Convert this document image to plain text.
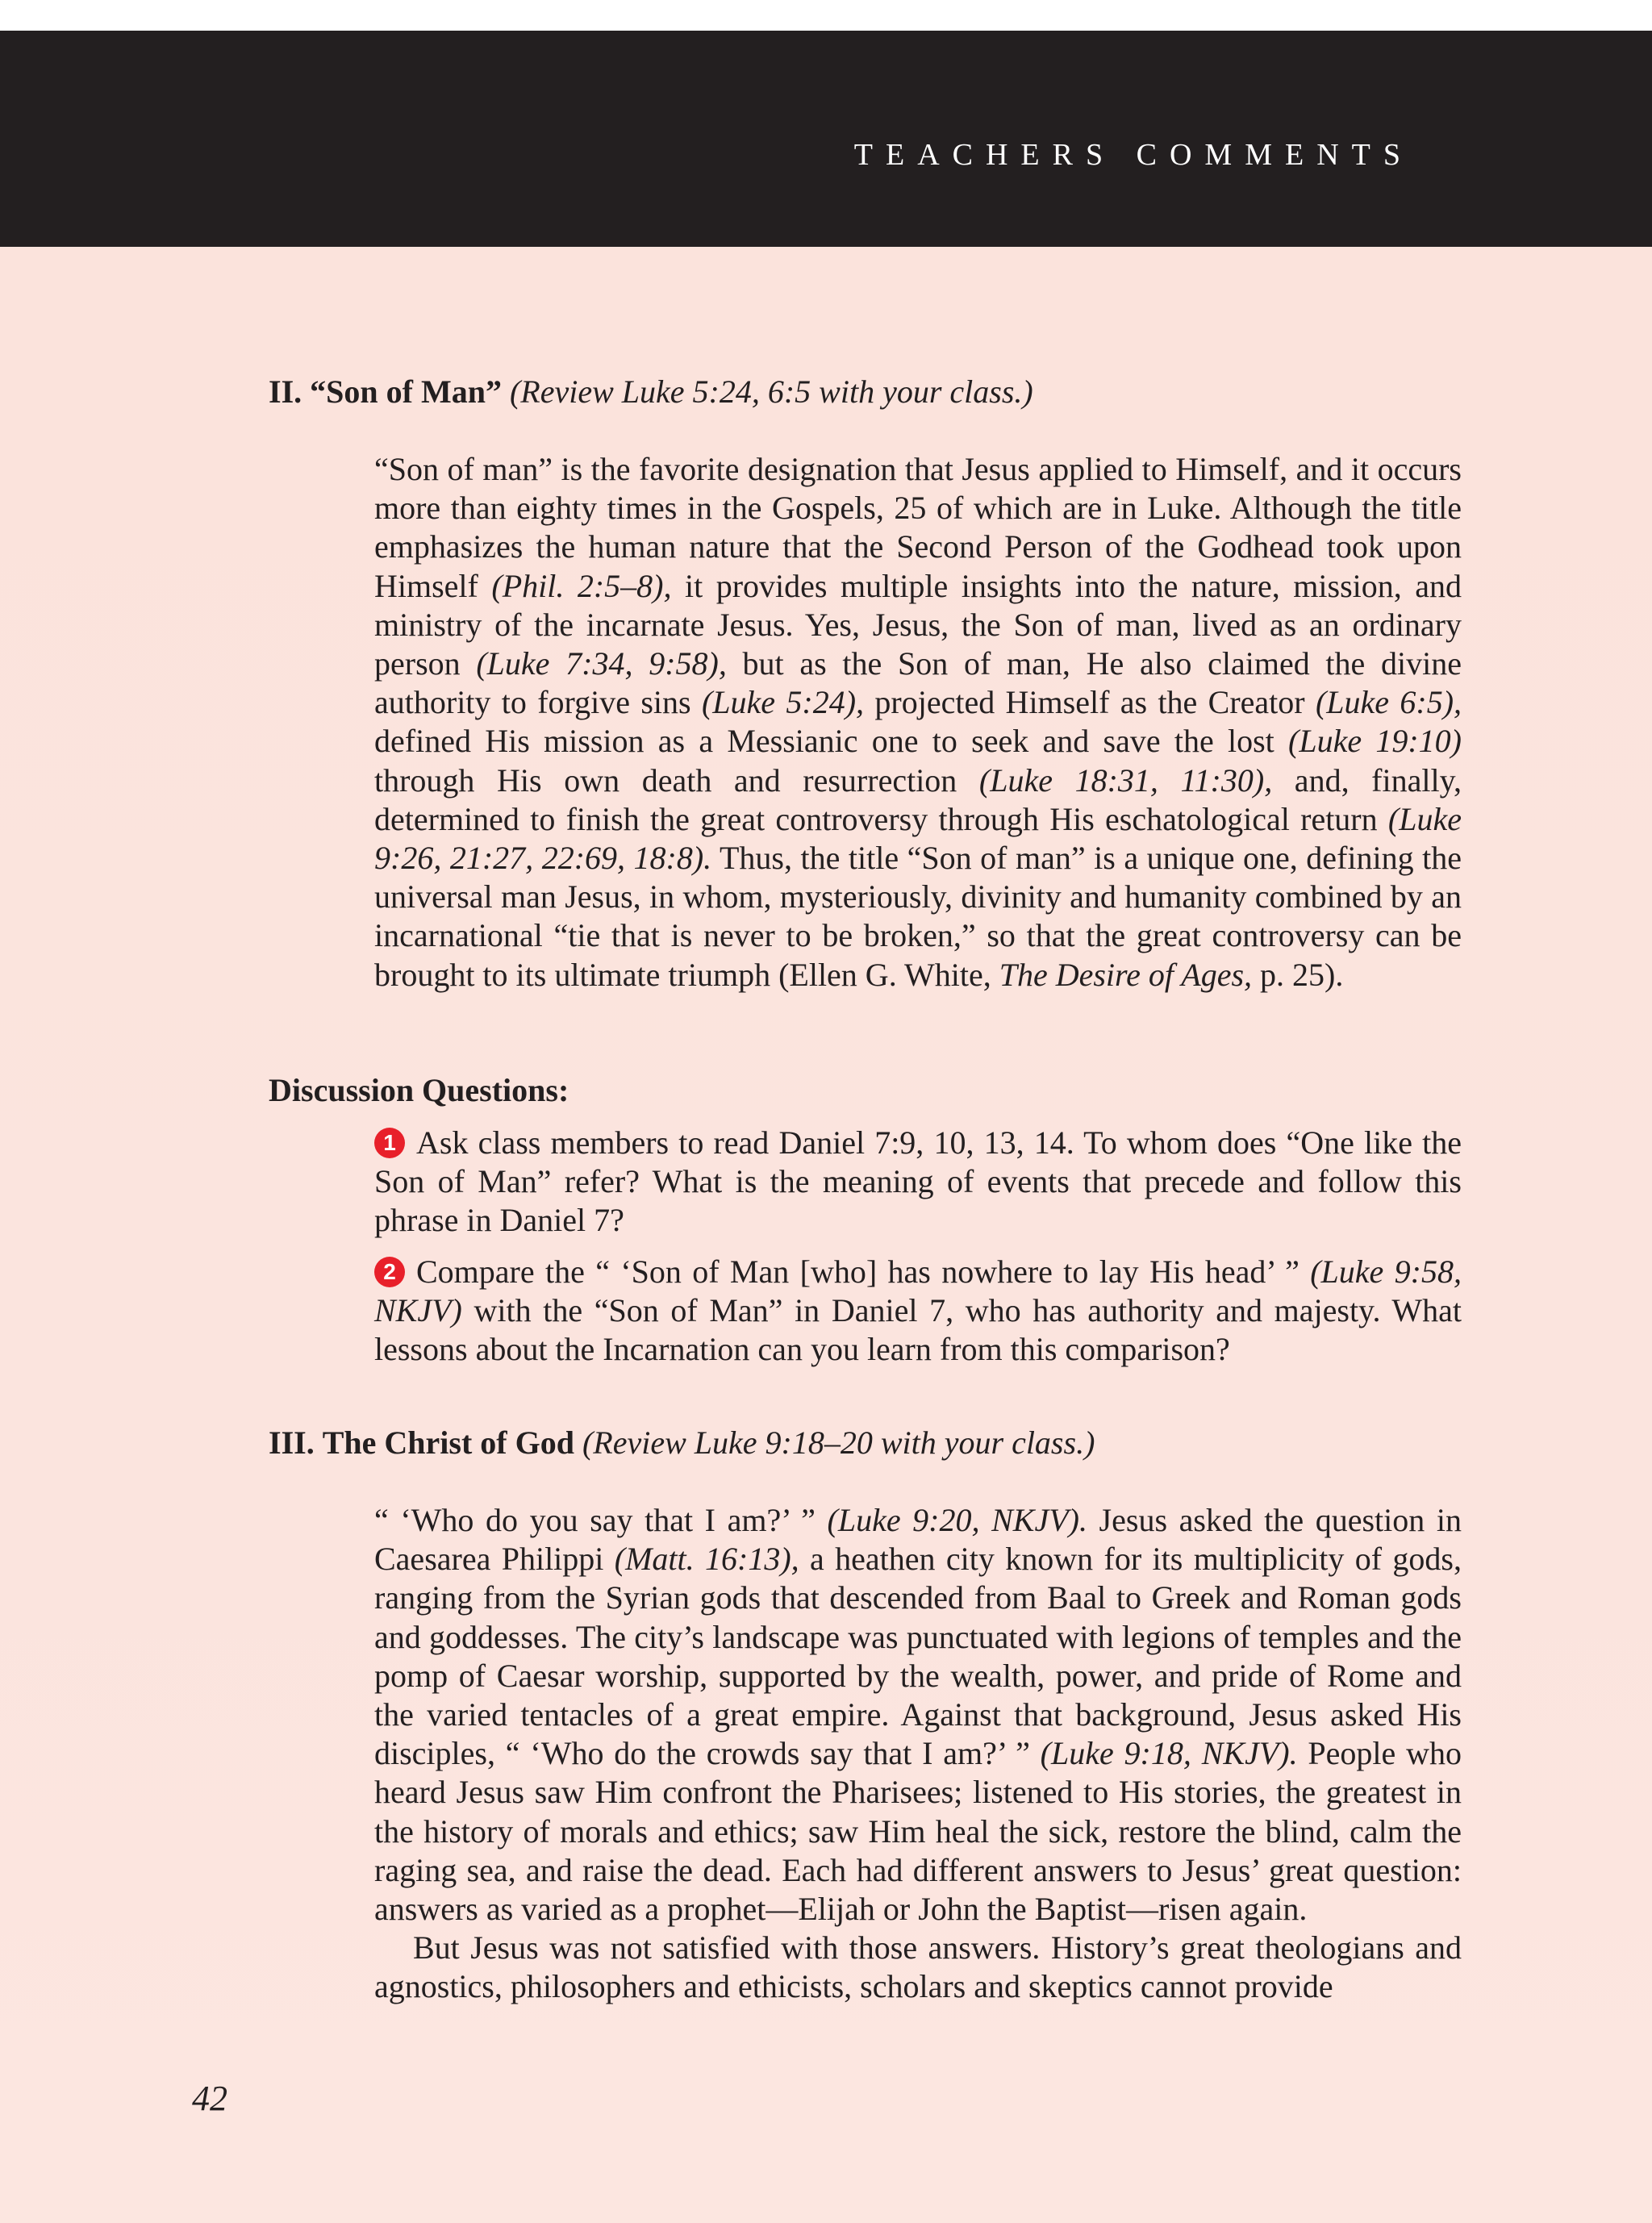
TEACHERS COMMENTS
II. “Son of Man” (Review Luke 5:24, 6:5 with your class.)
“Son of man” is the favorite designation that Jesus applied to Himself, and it occurs more than eighty times in the Gospels, 25 of which are in Luke. Although the title emphasizes the human nature that the Second Person of the Godhead took upon Himself (Phil. 2:5–8), it provides multiple insights into the nature, mission, and ministry of the incarnate Jesus. Yes, Jesus, the Son of man, lived as an ordinary person (Luke 7:34, 9:58), but as the Son of man, He also claimed the divine authority to forgive sins (Luke 5:24), projected Himself as the Creator (Luke 6:5), defined His mission as a Messianic one to seek and save the lost (Luke 19:10) through His own death and resurrection (Luke 18:31, 11:30), and, finally, determined to finish the great controversy through His eschatological return (Luke 9:26, 21:27, 22:69, 18:8). Thus, the title “Son of man” is a unique one, defining the universal man Jesus, in whom, mysteriously, divinity and humanity combined by an incarnational “tie that is never to be broken,” so that the great controversy can be brought to its ultimate triumph (Ellen G. White, The Desire of Ages, p. 25).
Discussion Questions:
1 Ask class members to read Daniel 7:9, 10, 13, 14. To whom does “One like the Son of Man” refer? What is the meaning of events that precede and follow this phrase in Daniel 7?
2 Compare the “ ‘Son of Man [who] has nowhere to lay His head’ ” (Luke 9:58, NKJV) with the “Son of Man” in Daniel 7, who has authority and majesty. What lessons about the Incarnation can you learn from this comparison?
III. The Christ of God (Review Luke 9:18–20 with your class.)
“ ‘Who do you say that I am?’ ” (Luke 9:20, NKJV). Jesus asked the question in Caesarea Philippi (Matt. 16:13), a heathen city known for its multiplicity of gods, ranging from the Syrian gods that descended from Baal to Greek and Roman gods and goddesses. The city’s landscape was punctuated with legions of temples and the pomp of Caesar worship, supported by the wealth, power, and pride of Rome and the varied tentacles of a great empire. Against that background, Jesus asked His disciples, “ ‘Who do the crowds say that I am?’ ” (Luke 9:18, NKJV). People who heard Jesus saw Him confront the Pharisees; listened to His stories, the greatest in the history of morals and ethics; saw Him heal the sick, restore the blind, calm the raging sea, and raise the dead. Each had different answers to Jesus’ great question: answers as varied as a prophet—Elijah or John the Baptist—risen again.
But Jesus was not satisfied with those answers. History’s great theologians and agnostics, philosophers and ethicists, scholars and skeptics cannot provide
42
